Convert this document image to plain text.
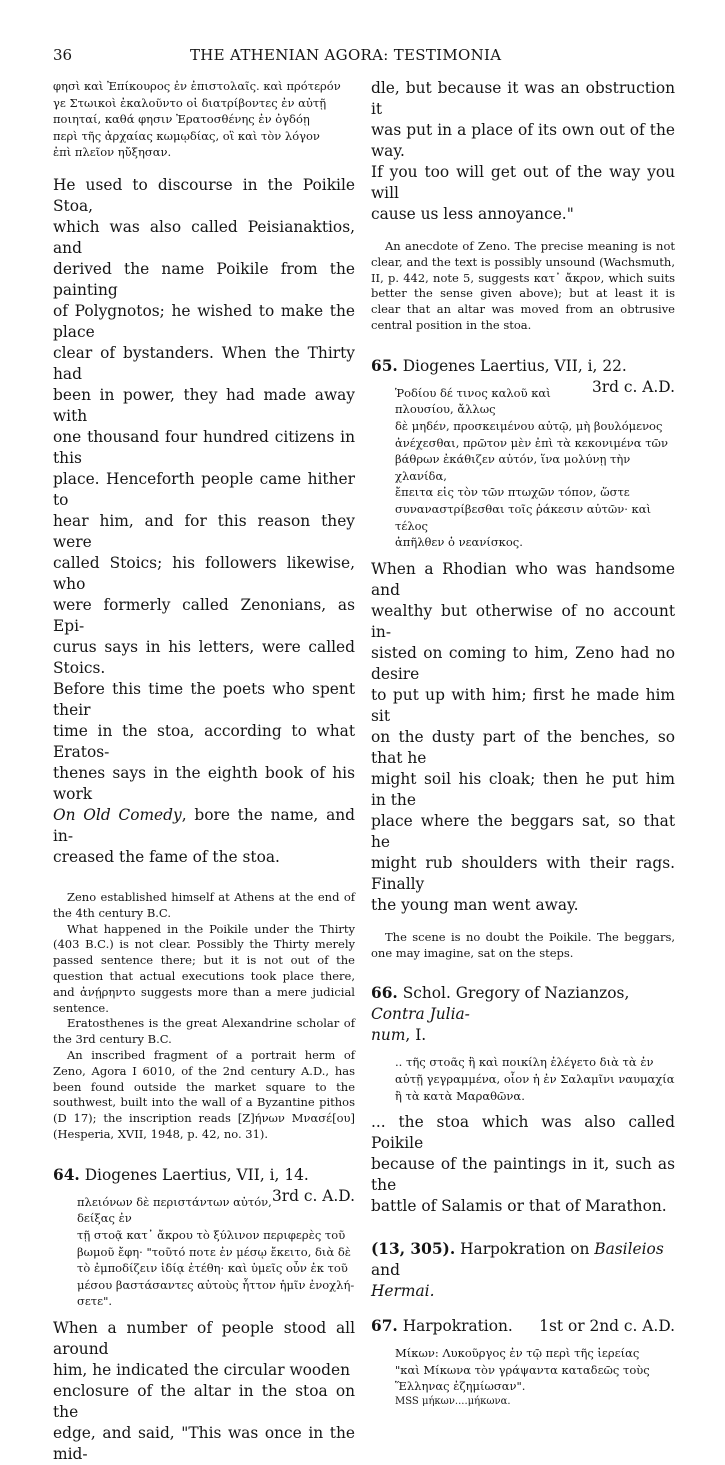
36	THE ATHENIAN AGORA: TESTIMONIA

φησὶ καὶ Ἐπίκουρος ἐν ἐπιστολαῖς. καὶ πρότερόν

γε Στωικοὶ ἐκαλοῦντο οἱ διατρίβοντες ἐν αὐτῇ

ποιηταί, καθά φησιν Ἐρατοσθένης ἐν ὀγδόῃ

περὶ τῆς ἀρχαίας κωμῳδίας, οἳ καὶ τὸν λόγον

ἐπὶ πλεῖον ηὔξησαν.

He used to discourse in the Poikile Stoa,

which was also called Peisianaktios, and

derived the name Poikile from the painting

of Polygnotos; he wished to make the place

clear of bystanders. When the Thirty had

been in power, they had made away with

one thousand four hundred citizens in this

place. Henceforth people came hither to

hear him, and for this reason they were

called Stoics; his followers likewise, who

were formerly called Zenonians, as Epi-

curus says in his letters, were called Stoics.

Before this time the poets who spent their

time in the stoa, according to what Eratos-

thenes says in the eighth book of his work

On Old Comedy, bore the name, and in-

creased the fame of the stoa.

Zeno established himself at Athens at the end of the 4th century B.C.

What happened in the Poikile under the Thirty (403 B.C.) is not clear. Possibly the Thirty merely passed sentence there; but it is not out of the question that actual executions took place there, and ἀνῄρηντο suggests more than a mere judicial sentence.

Eratosthenes is the great Alexandrine scholar of the 3rd century B.C.

An inscribed fragment of a portrait herm of Zeno, Agora I 6010, of the 2nd century A.D., has been found outside the market square to the southwest, built into the wall of a Byzantine pithos (D 17); the inscription reads [Ζ]ήνων Μνασέ[ου] (Hesperia, XVII, 1948, p. 42, no. 31).

64. Diogenes Laertius, VII, i, 14.
3rd c. A.D.

πλειόνων δὲ περιστάντων αὐτόν, δείξας ἐν

τῇ στοᾷ κατ᾽ ἄκρου τὸ ξύλινον περιφερὲς τοῦ

βωμοῦ ἔφη· "τοῦτό ποτε ἐν μέσῳ ἔκειτο, διὰ δὲ

τὸ ἐμποδίζειν ἰδίᾳ ἐτέθη· καὶ ὑμεῖς οὖν ἐκ τοῦ

μέσου βαστάσαντες αὑτοὺς ἧττον ἡμῖν ἐνοχλή-

σετε".

When a number of people stood all around

him, he indicated the circular wooden

enclosure of the altar in the stoa on the

edge, and said, "This was once in the mid-

dle, but because it was an obstruction it

was put in a place of its own out of the way.

If you too will get out of the way you will

cause us less annoyance."

An anecdote of Zeno. The precise meaning is not clear, and the text is possibly unsound (Wachsmuth, II, p. 442, note 5, suggests κατ᾽ ἄκρον, which suits better the sense given above); but at least it is clear that an altar was moved from an obtrusive central position in the stoa.

65. Diogenes Laertius, VII, i, 22.
3rd c. A.D.

Ῥοδίου δέ τινος καλοῦ καὶ πλουσίου, ἄλλως

δὲ μηδέν, προσκειμένου αὐτῷ, μὴ βουλόμενος

ἀνέχεσθαι, πρῶτον μὲν ἐπὶ τὰ κεκονιμένα τῶν

βάθρων ἐκάθιζεν αὐτόν, ἵνα μολύνῃ τὴν χλανίδα,

ἔπειτα εἰς τὸν τῶν πτωχῶν τόπον, ὥστε

συναναστρίβεσθαι τοῖς ῥάκεσιν αὐτῶν· καὶ τέλος

ἀπῆλθεν ὁ νεανίσκος.

When a Rhodian who was handsome and

wealthy but otherwise of no account in-

sisted on coming to him, Zeno had no desire

to put up with him; first he made him sit

on the dusty part of the benches, so that he

might soil his cloak; then he put him in the

place where the beggars sat, so that he

might rub shoulders with their rags. Finally

the young man went away.

The scene is no doubt the Poikile. The beggars, one may imagine, sat on the steps.

66. Schol. Gregory of Nazianzos, Contra Julia-

num, I.

.. τῆς στοᾶς ἣ καὶ ποικίλη ἐλέγετο διὰ τὰ ἐν

αὐτῇ γεγραμμένα, οἷον ἡ ἐν Σαλαμῖνι ναυμαχία

ἢ τὰ κατὰ Μαραθῶνα.

... the stoa which was also called Poikile

because of the paintings in it, such as the

battle of Salamis or that of Marathon.

(13, 305). Harpokration on Basileios and

Hermai.

67. Harpokration. 1st or 2nd c. A.D.

Μίκων: Λυκοῦργος ἐν τῷ περὶ τῆς ἱερείας

"καὶ Μίκωνα τὸν γράψαντα καταδεῶς τοὺς

Ἕλληνας ἐζημίωσαν".

MSS μήκων....μήκωνα.
